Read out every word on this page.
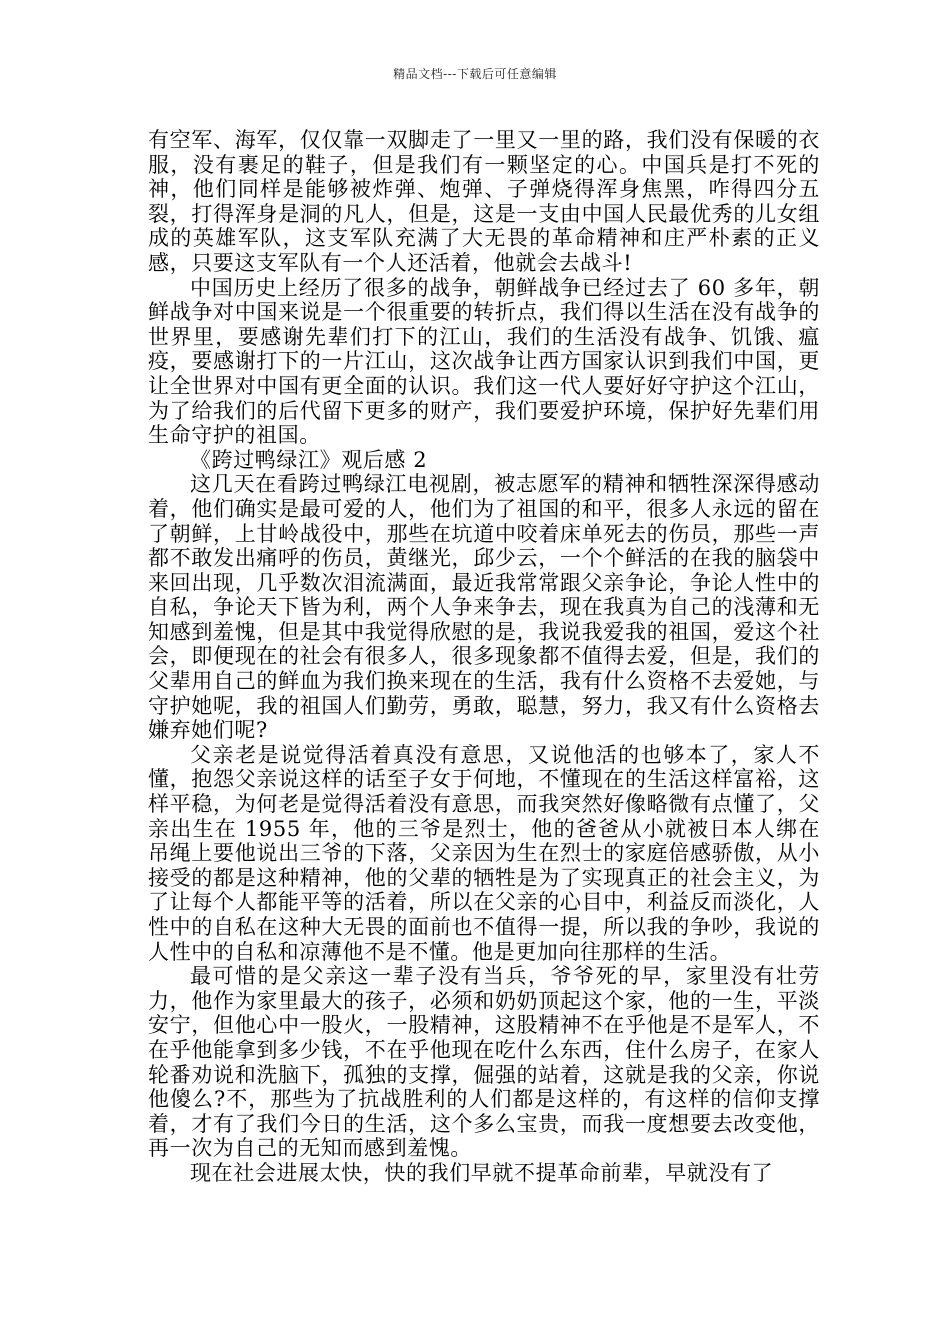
精品文档---下载后可任意编辑

有空军、海军，仅仅靠一双脚走了一里又一里的路，我们没有保暖的衣服，没有裹足的鞋子，但是我们有一颗坚定的心。中国兵是打不死的神，他们同样是能够被炸弹、炮弹、子弹烧得浑身焦黑，咋得四分五裂，打得浑身是洞的凡人，但是，这是一支由中国人民最优秀的儿女组成的英雄军队，这支军队充满了大无畏的革命精神和庄严朴素的正义感，只要这支军队有一个人还活着，他就会去战斗!

中国历史上经历了很多的战争，朝鲜战争已经过去了 60 多年，朝鲜战争对中国来说是一个很重要的转折点，我们得以生活在没有战争的世界里，要感谢先辈们打下的江山，我们的生活没有战争、饥饿、瘟疫，要感谢打下的一片江山，这次战争让西方国家认识到我们中国，更让全世界对中国有更全面的认识。我们这一代人要好好守护这个江山，为了给我们的后代留下更多的财产，我们要爱护环境，保护好先辈们用生命守护的祖国。

《跨过鸭绿江》观后感 2

这几天在看跨过鸭绿江电视剧，被志愿军的精神和牺牲深深得感动着，他们确实是最可爱的人，他们为了祖国的和平，很多人永远的留在了朝鲜，上甘岭战役中，那些在坑道中咬着床单死去的伤员，那些一声都不敢发出痛呼的伤员，黄继光，邱少云，一个个鲜活的在我的脑袋中来回出现，几乎数次泪流满面，最近我常常跟父亲争论，争论人性中的自私，争论天下皆为利，两个人争来争去，现在我真为自己的浅薄和无知感到羞愧，但是其中我觉得欣慰的是，我说我爱我的祖国，爱这个社会，即便现在的社会有很多人，很多现象都不值得去爱，但是，我们的父辈用自己的鲜血为我们换来现在的生活，我有什么资格不去爱她，与守护她呢，我的祖国人们勤劳，勇敢，聪慧，努力，我又有什么资格去嫌弃她们呢?

父亲老是说觉得活着真没有意思，又说他活的也够本了，家人不懂，抱怨父亲说这样的话至子女于何地，不懂现在的生活这样富裕，这样平稳，为何老是觉得活着没有意思，而我突然好像略微有点懂了，父亲出生在 1955 年，他的三爷是烈士，他的爸爸从小就被日本人绑在吊绳上要他说出三爷的下落，父亲因为生在烈士的家庭倍感骄傲，从小接受的都是这种精神，他的父辈的牺牲是为了实现真正的社会主义，为了让每个人都能平等的活着，所以在父亲的心目中，利益反而淡化，人性中的自私在这种大无畏的面前也不值得一提，所以我的争吵，我说的人性中的自私和凉薄他不是不懂。他是更加向往那样的生活。

最可惜的是父亲这一辈子没有当兵，爷爷死的早，家里没有壮劳力，他作为家里最大的孩子，必须和奶奶顶起这个家，他的一生，平淡安宁，但他心中一股火，一股精神，这股精神不在乎他是不是军人，不在乎他能拿到多少钱，不在乎他现在吃什么东西，住什么房子，在家人轮番劝说和洗脑下，孤独的支撑，倔强的站着，这就是我的父亲，你说他傻么?不，那些为了抗战胜利的人们都是这样的，有这样的信仰支撑着，才有了我们今日的生活，这个多么宝贵，而我一度想要去改变他，再一次为自己的无知而感到羞愧。

现在社会进展太快，快的我们早就不提革命前辈，早就没有了
